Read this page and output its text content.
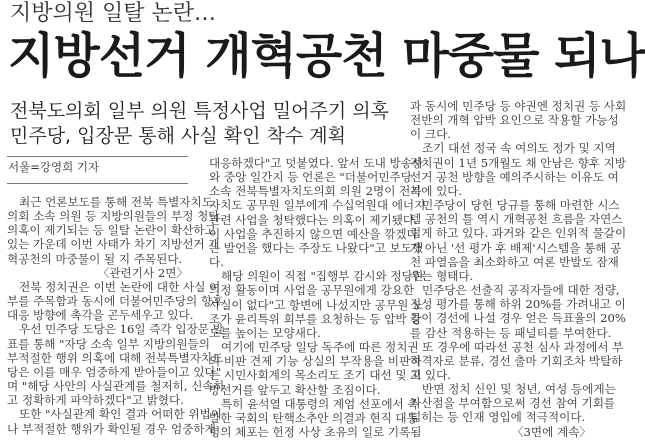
지방의원 일탈 논란…
지방선거 개혁공천 마중물 되나
전북도의회 일부 의원 특정사업 밀어주기 의혹
민주당, 입장문 통해 사실 확인 착수 계획
서울=강영희 기자
최근 언론보도를 통해 전북 특별자치도
의회 소속 의원 등 지방의원들의 부정 청탁
의혹이 제기되는 등 일탈 논란이 확산하고
있는 가운데 이번 사태가 차기 지방선거 개
혁공천의 마중물이 될 지 주목된다.
〈관련기사 2면〉
전북 정치권은 이번 논란에 대한 사실 여
부를 주목함과 동시에 더불어민주당의 향후
대응 방향에 촉각을 곤두세우고 있다.
우선 민주당 도당은 16일 즉각 입장문 발
표를 통해 "자당 소속 일부 지방의원들의
부적절한 행위 의혹에 대해 전북특별자치도
당은 이를 매우 엄중하게 받아들이고 있다"
며 "해당 사안의 사실관계를 철저히, 신속하
고 정확하게 파악하겠다"고 밝혔다.
또한 "사실관계 확인 결과 어떠한 위법이
나 부적절한 행위가 확인될 경우 엄중하게
대응하겠다"고 덧붙였다. 앞서 도내 방송사
와 중앙 일간지 등 언론은 "더불어민주당
소속 전북특별자치도의회 의원 2명이 전북
자치도 공무원 일부에게 수십억원대 에너지
관련 사업을 청탁했다는 의혹이 제기됐다.
이 사업을 추진하지 않으면 예산을 깎겠다
는 발언을 했다는 주장도 나왔다"고 보도했
다.
해당 의원이 직접 "집행부 감시와 정당한
의정 활동이며 사업을 공무원에게 강요한
사실이 없다"고 항변에 나섰지만 공무원 노
조가 윤리특위 회부를 요청하는 등 압박 강
도를 높이는 모양새다.
여기에 민주당 일당 독주에 따른 정치권
의 비판 견제 기능 상실의 부작용을 비판하
는 시민사회계의 목소리도 조기 대선 및 지
방선거를 앞두고 확산할 조짐이다.
특히 윤석열 대통령의 계엄 선포에서 촉
발한 국회의 탄핵소추안 의결과 현직 대통
령의 체포는 헌정 사상 초유의 일로 기록됨
과 동시에 민주당 등 야권엔 정치권 등 사회
전반의 개혁 압박 요인으로 작용할 가능성
이 크다.
조기 대선 정국 속 여의도 정가 및 지역
정치권이 1년 5개월도 채 안남은 향후 지방
선거 공천 방향을 예의주시하는 이유도 여
기에 있다.
민주당이 당헌 당규를 통해 마련한 시스
템 공천의 틀 역시 개혁공천 흐름을 자연스
럽게 하고 있다. 과거와 같은 인위적 물갈이
가 아닌 '선 평가 후 배제'시스템을 통해 공
천 파열음을 최소화하고 여론 반발도 잠재
우는 형태다.
민주당은 선출직 공직자들에 대한 정량,
정성 평가를 통해 하위 20%를 가려내고 이
들이 경선에 나설 경우 얻은 득표율의 20%
를 감산 적용하는 등 패널티를 부여한다.
또 경우에 따라선 공천 심사 과정에서 부
적격자로 분류, 경선 출마 기회조차 박탈하
고 있다.
반면 정치 신인 및 청년, 여성 등에게는
가산점을 부여함으로써 경선 참여 기회를
넓히는 등 인재 영입에 적극적이다.
〈3면에 계속〉
